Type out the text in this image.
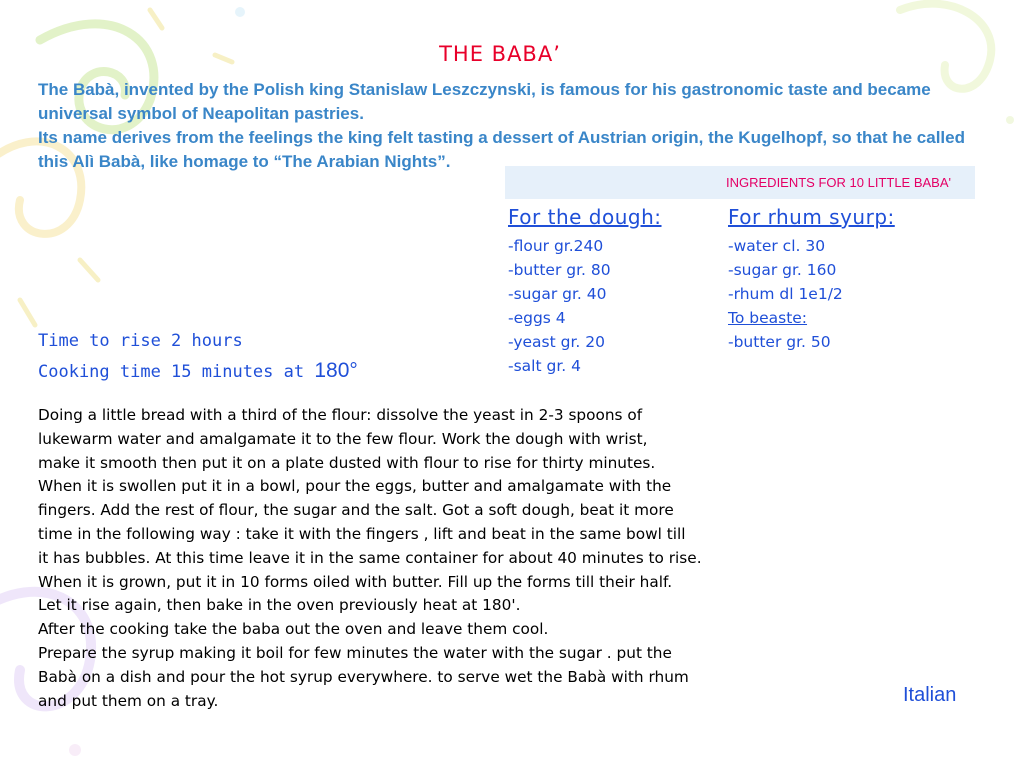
THE BABA’

The Babà, invented by the Polish king Stanislaw Leszczynski, is famous for his gastronomic taste and became universal symbol of Neapolitan pastries.

Its name derives from the feelings the king felt tasting a dessert of Austrian origin, the Kugelhopf, so that he called this Alì Babà, like homage to “The Arabian Nights”.

INGREDIENTS FOR 10 LITTLE BABA'
For the dough:
-flour gr.240
-butter gr. 80
-sugar gr. 40
-eggs 4
-yeast gr. 20
-salt gr. 4
For rhum syurp:
-water cl. 30
-sugar gr. 160
-rhum dl 1e1/2
To beaste:
-butter gr. 50
Time to rise 2 hours
Cooking time 15 minutes at 180°
Doing a little bread with a third of the flour: dissolve the yeast in 2-3 spoons of
lukewarm water and amalgamate it to the few flour. Work the dough with wrist,
make it smooth then put it on a plate dusted with flour to rise for thirty minutes.
When it is swollen put it in a bowl, pour the eggs, butter and amalgamate with the
fingers. Add the rest of flour, the sugar and the salt. Got a soft dough, beat it more
time in the following way : take it with the fingers , lift and beat in the same bowl till
it has bubbles. At this time leave it in the same container for about 40 minutes to rise.
When it is grown, put it in 10 forms oiled with butter. Fill up the forms till their half.
Let it rise again, then bake in the oven previously heat at 180'.
After the cooking take the baba out the oven and leave them cool.
Prepare the syrup making it boil for few minutes the water with the sugar . put the
Babà on a dish and pour the hot syrup everywhere. to serve wet the Babà with rhum
and put them on a tray.	Italian
